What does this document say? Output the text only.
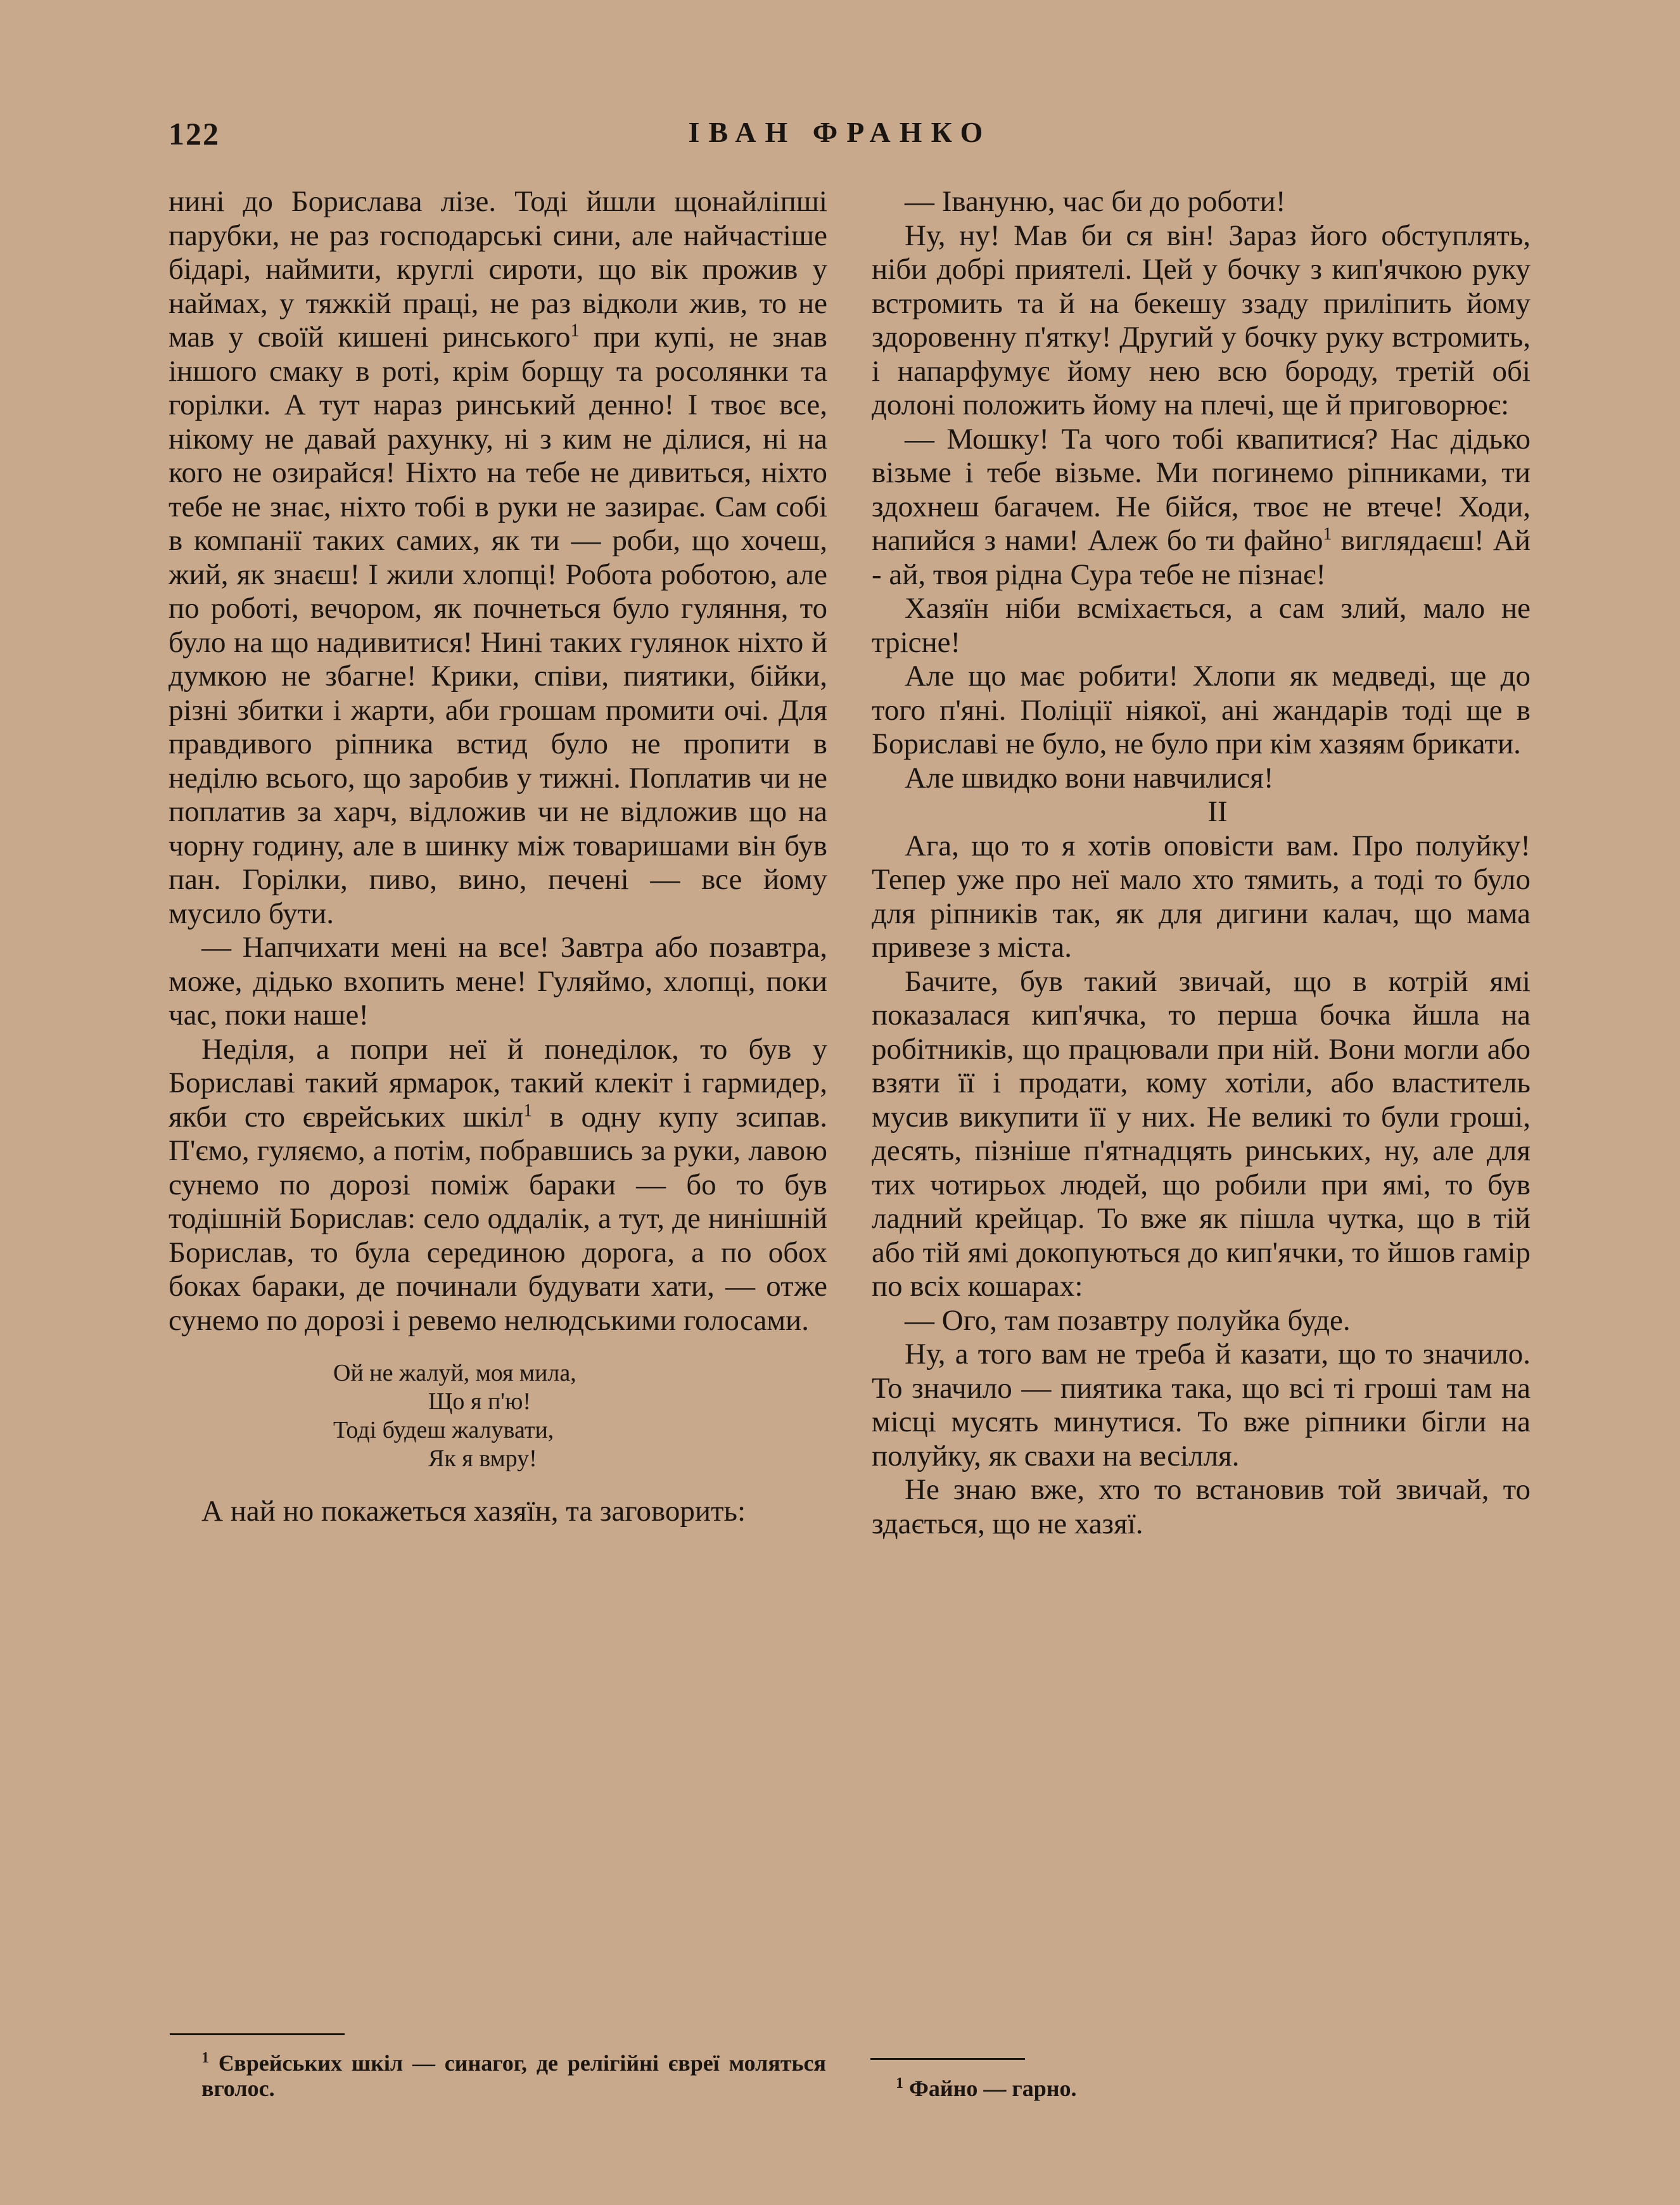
122	ІВАН ФРАНКО

нині до Борислава лізе. Тоді йшли щонайліпші парубки, не раз господарські сини, але найчастіше бідарі, наймити, круглі сироти, що вік прожив у наймах, у тяжкій праці, не раз відколи жив, то не мав у своїй кишені ринського$^1$ при купі, не знав іншого смаку в роті, крім борщу та росолянки та горілки. А тут нараз ринський денно! І твоє все, нікому не давай рахунку, ні з ким не ділися, ні на кого не озирайся! Ніхто на тебе не дивиться, ніхто тебе не знає, ніхто тобі в руки не зазирає. Сам собі в компанії таких самих, як ти — роби, що хочеш, жий, як знаєш! І жили хлопці! Робота роботою, але по роботі, вечором, як почнеться було гуляння, то було на що надивитися! Нині таких гулянок ніхто й думкою не збагне! Крики, співи, пиятики, бійки, різні збитки і жарти, аби грошам промити очі. Для правдивого ріпника встид було не пропити в неділю всього, що заробив у тижні. Поплатив чи не поплатив за харч, відложив чи не відложив що на чорну годину, але в шинку між товаришами він був пан. Горілки, пиво, вино, печені — все йому мусило бути.

— Напчихати мені на все! Завтра або позавтра, може, дідько вхопить мене! Гуляймо, хлопці, поки час, поки наше!

Неділя, а попри неї й понеділок, то був у Бориславі такий ярмарок, такий клекіт і гармидер, якби сто єврейських шкіл$^1$ в одну купу зсипав. П'ємо, гуляємо, а потім, побравшись за руки, лавою сунемо по дорозі поміж бараки — бо то був тодішній Борислав: село оддалік, а тут, де нинішній Борислав, то була серединою дорога, а по обох боках бараки, де починали будувати хати, — отже сунемо по дорозі і ревемо нелюдськими голосами.

Ой не жалуй, моя мила,
Що я п'ю!
Тоді будеш жалувати,
Як я вмру!

А най но покажеться хазяїн, та заговорить:

— Івануню, час би до роботи!

Ну, ну! Мав би ся він! Зараз його обступлять, ніби добрі приятелі. Цей у бочку з кип'ячкою руку встромить та й на бекешу ззаду приліпить йому здоровенну п'ятку! Другий у бочку руку встромить, і напарфумує йому нею всю бороду, третій обі долоні положить йому на плечі, ще й приговорює:

— Мошку! Та чого тобі квапитися? Нас дідько візьме і тебе візьме. Ми погинемо ріпниками, ти здохнеш багачем. Не бійся, твоє не втече! Ходи, напийся з нами! Алеж бо ти файно$^1$ виглядаєш! Ай - ай, твоя рідна Сура тебе не пізнає!

Хазяїн ніби всміхається, а сам злий, мало не трісне!

Але що має робити! Хлопи як медведі, ще до того п'яні. Поліції ніякої, ані жандарів тоді ще в Бориславі не було, не було при кім хазяям брикати.

Але швидко вони навчилися!

II

Ага, що то я хотів оповісти вам. Про полуйку! Тепер уже про неї мало хто тямить, а тоді то було для ріпників так, як для дигини калач, що мама привезе з міста.

Бачите, був такий звичай, що в котрій ямі показалася кип'ячка, то перша бочка йшла на робітників, що працювали при ній. Вони могли або взяти її і продати, кому хотіли, або властитель мусив викупити її у них. Не великі то були гроші, десять, пізніше п'ятнадцять ринських, ну, але для тих чотирьох людей, що робили при ямі, то був ладний крейцар. То вже як пішла чутка, що в тій або тій ямі докопуються до кип'ячки, то йшов гамір по всіх кошарах:

— Ого, там позавтру полуйка буде.

Ну, а того вам не треба й казати, що то значило. То значило — пиятика така, що всі ті гроші там на місці мусять минутися. То вже ріпники бігли на полуйку, як свахи на весілля.

Не знаю вже, хто то встановив той звичай, то здається, що не хазяї.

$^1$ Єврейських шкіл — синагог, де релігійні євреї моляться вголос.	$^1$ Файно — гарно.
